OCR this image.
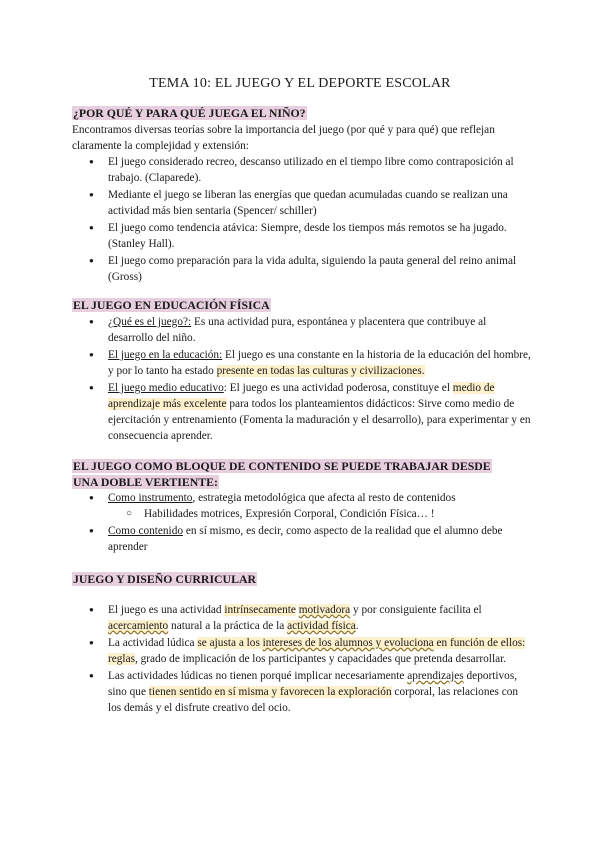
TEMA 10: EL JUEGO Y EL DEPORTE ESCOLAR
¿POR QUÉ Y PARA QUÉ JUEGA EL NIÑO?
Encontramos diversas teorías sobre la importancia del juego (por qué y para qué) que reflejan claramente la complejidad y extensión:
● El juego considerado recreo, descanso utilizado en el tiempo libre como contraposición al trabajo. (Claparede).
● Mediante el juego se liberan las energías que quedan acumuladas cuando se realizan una actividad más bien sentaria (Spencer/ schiller)
● El juego como tendencia atávica: Siempre, desde los tiempos más remotos se ha jugado. (Stanley Hall).
● El juego como preparación para la vida adulta, siguiendo la pauta general del reino animal (Gross)
EL JUEGO EN EDUCACIÓN FÍSICA
● ¿Qué es el juego?: Es una actividad pura, espontánea y placentera que contribuye al desarrollo del niño.
● El juego en la educación: El juego es una constante en la historia de la educación del hombre, y por lo tanto ha estado presente en todas las culturas y civilizaciones.
● El juego medio educativo: El juego es una actividad poderosa, constituye el medio de aprendizaje más excelente para todos los planteamientos didácticos: Sirve como medio de ejercitación y entrenamiento (Fomenta la maduración y el desarrollo), para experimentar y en consecuencia aprender.
EL JUEGO COMO BLOQUE DE CONTENIDO SE PUEDE TRABAJAR DESDE
UNA DOBLE VERTIENTE:
● Como instrumento, estrategia metodológica que afecta al resto de contenidos
○ Habilidades motrices, Expresión Corporal, Condición Física… !
● Como contenido en sí mismo, es decir, como aspecto de la realidad que el alumno debe aprender
JUEGO Y DISEÑO CURRICULAR
● El juego es una actividad intrínsecamente motivadora y por consiguiente facilita el acercamiento natural a la práctica de la actividad física.
● La actividad lúdica se ajusta a los intereses de los alumnos y evoluciona en función de ellos: reglas, grado de implicación de los participantes y capacidades que pretenda desarrollar.
● Las actividades lúdicas no tienen porqué implicar necesariamente aprendizajes deportivos, sino que tienen sentido en sí misma y favorecen la exploración corporal, las relaciones con los demás y el disfrute creativo del ocio.
